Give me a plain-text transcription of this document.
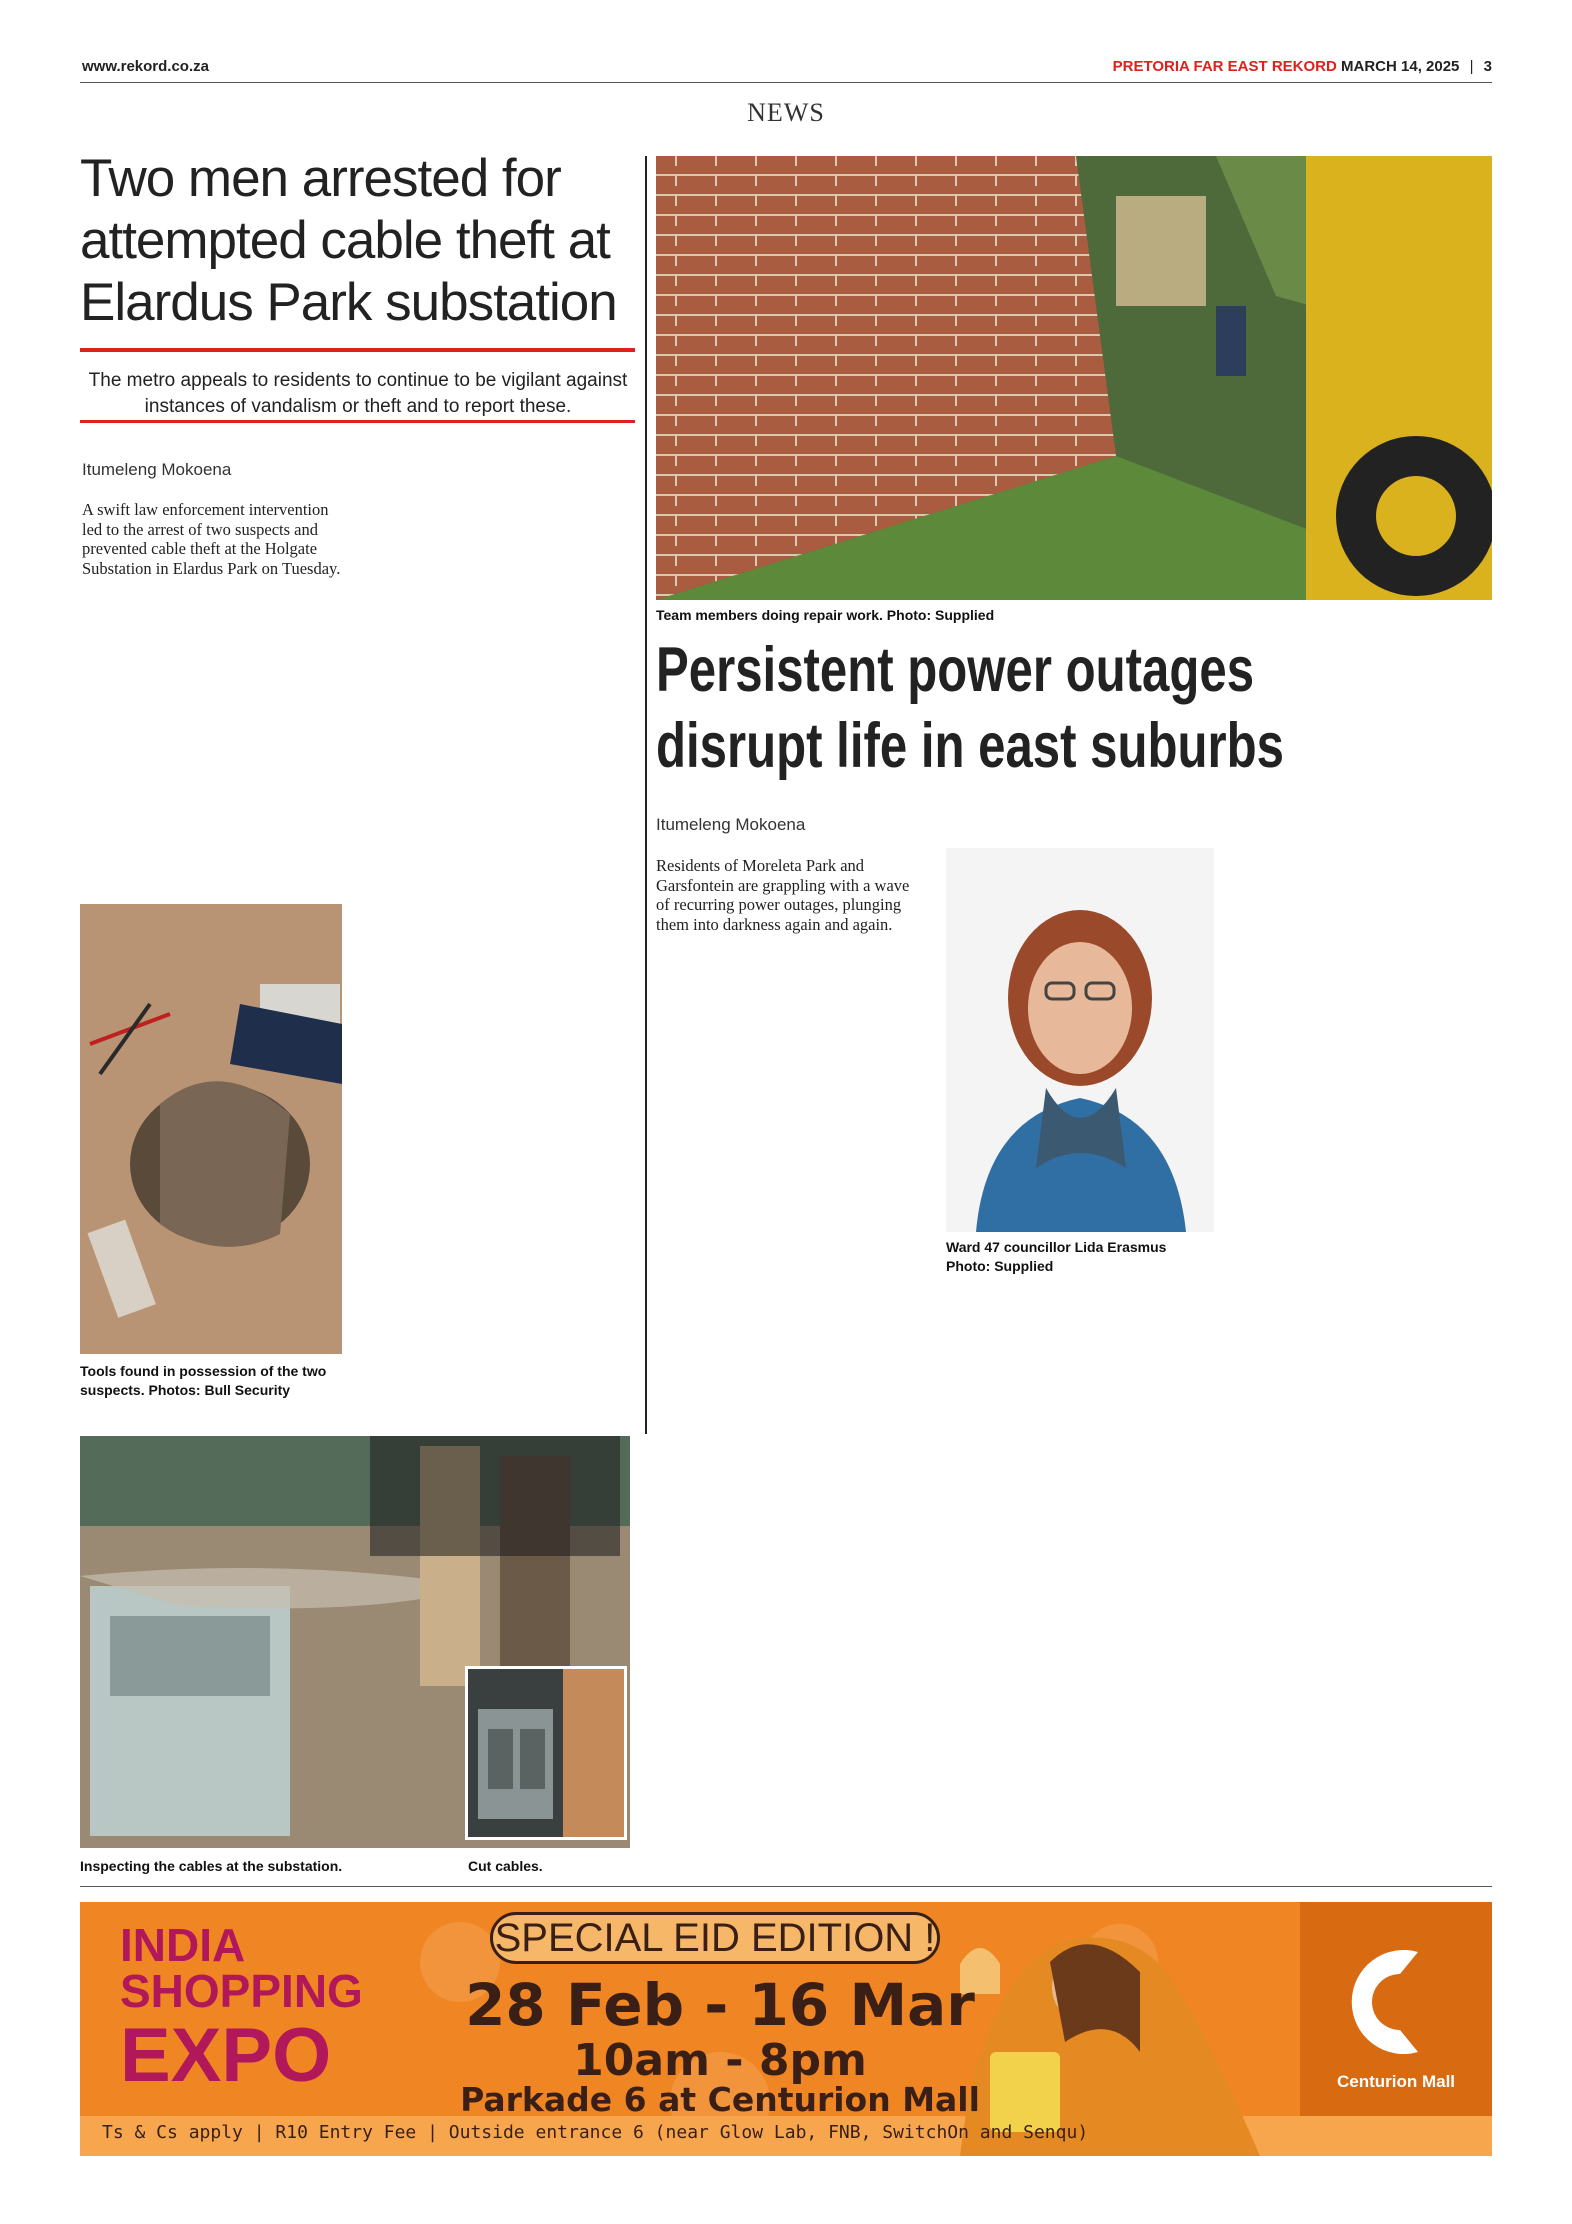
www.rekord.co.za	PRETORIA FAR EAST REKORD MARCH 14, 2025 | 3
NEWS
Two men arrested for attempted cable theft at Elardus Park substation
The metro appeals to residents to continue to be vigilant against instances of vandalism or theft and to report these.
Itumeleng Mokoena

A swift law enforcement intervention led to the arrest of two suspects and prevented cable theft at the Holgate Substation in Elardus Park on Tuesday.

Tools found in possession of the two suspects. Photos: Bull Security
Inspecting the cables at the substation.	Cut cables.
Team members doing repair work. Photo: Supplied
Persistent power outages
disrupt life in east suburbs
Itumeleng Mokoena

Residents of Moreleta Park and Garsfontein are grappling with a wave of recurring power outages, plunging them into darkness again and again.

Ward 47 councillor Lida Erasmus Photo: Supplied
INDIA
SHOPPING
EXPO
SPECIAL EID EDITION !
28 Feb - 16 Mar
10am - 8pm
Parkade 6 at Centurion Mall
Ts & Cs apply | R10 Entry Fee | Outside entrance 6 (near Glow Lab, FNB, SwitchOn and Senqu)
Centurion Mall
